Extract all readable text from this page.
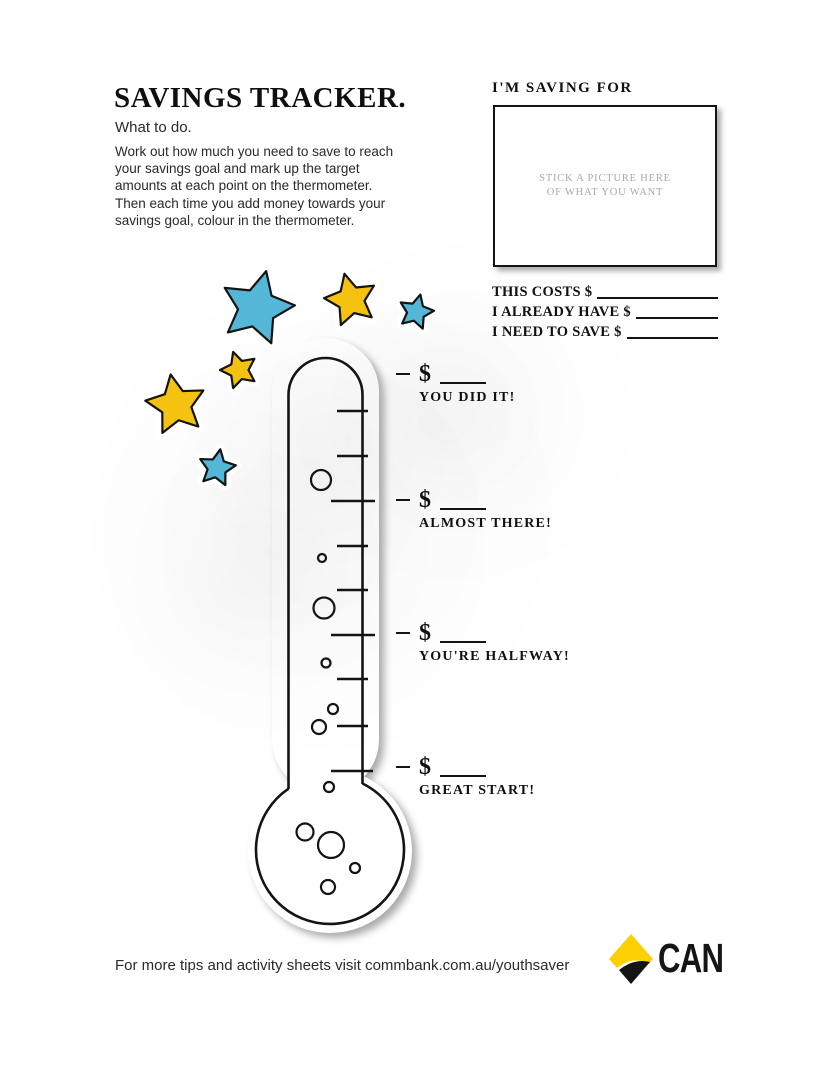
SAVINGS TRACKER.
What to do.
Work out how much you need to save to reach your savings goal and mark up the target amounts at each point on the thermometer. Then each time you add money towards your savings goal, colour in the thermometer.
I'M SAVING FOR
STICK A PICTURE HERE
OF WHAT YOU WANT
THIS COSTS $
I ALREADY HAVE $
I NEED TO SAVE $
$
YOU DID IT!
$
ALMOST THERE!
$
YOU'RE HALFWAY!
$
GREAT START!
For more tips and activity sheets visit commbank.com.au/youthsaver CAN
